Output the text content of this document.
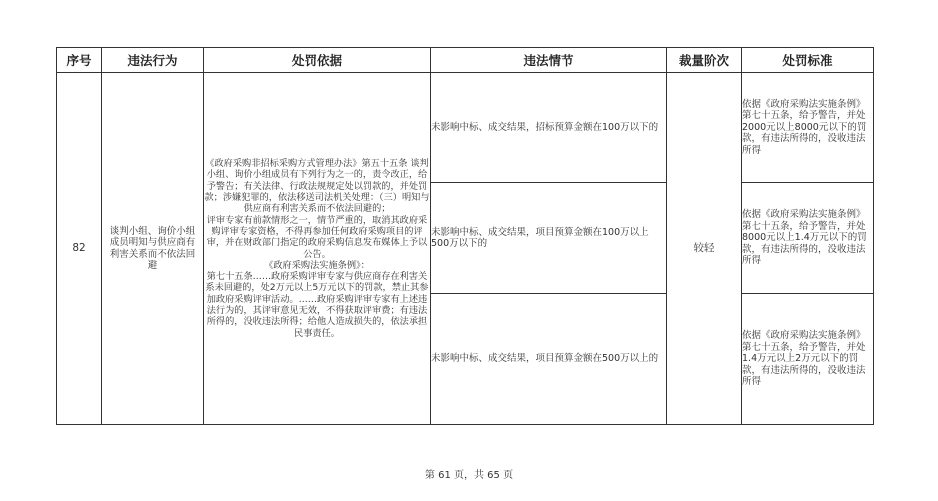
序号	违法行为	处罚依据	违法情节	裁量阶次	处罚标准
82	谈判小组、询价小组成员明知与供应商有利害关系而不依法回避	《政府采购非招标采购方式管理办法》第五十五条 谈判小组、询价小组成员有下列行为之一的，责令改正，给予警告；有关法律、行政法规规定处以罚款的，并处罚款；涉嫌犯罪的，依法移送司法机关处理：（三）明知与供应商有利害关系而不依法回避的；
评审专家有前款情形之一，情节严重的，取消其政府采购评审专家资格，不得再参加任何政府采购项目的评审，并在财政部门指定的政府采购信息发布媒体上予以公告。
《政府采购法实施条例》：
第七十五条……政府采购评审专家与供应商存在利害关系未回避的，处2万元以上5万元以下的罚款，禁止其参加政府采购评审活动。……政府采购评审专家有上述违法行为的，其评审意见无效，不得获取评审费；有违法所得的，没收违法所得；给他人造成损失的，依法承担民事责任。	未影响中标、成交结果，招标预算金额在100万以下的	较轻	依据《政府采购法实施条例》第七十五条，给予警告，并处2000元以上8000元以下的罚款，有违法所得的，没收违法所得
			未影响中标、成交结果，项目预算金额在100万以上500万以下的		依据《政府采购法实施条例》第七十五条，给予警告，并处8000元以上1.4万元以下的罚款，有违法所得的，没收违法所得
			未影响中标、成交结果，项目预算金额在500万以上的		依据《政府采购法实施条例》第七十五条，给予警告，并处1.4万元以上2万元以下的罚款，有违法所得的，没收违法所得
第 61 页，共 65 页
